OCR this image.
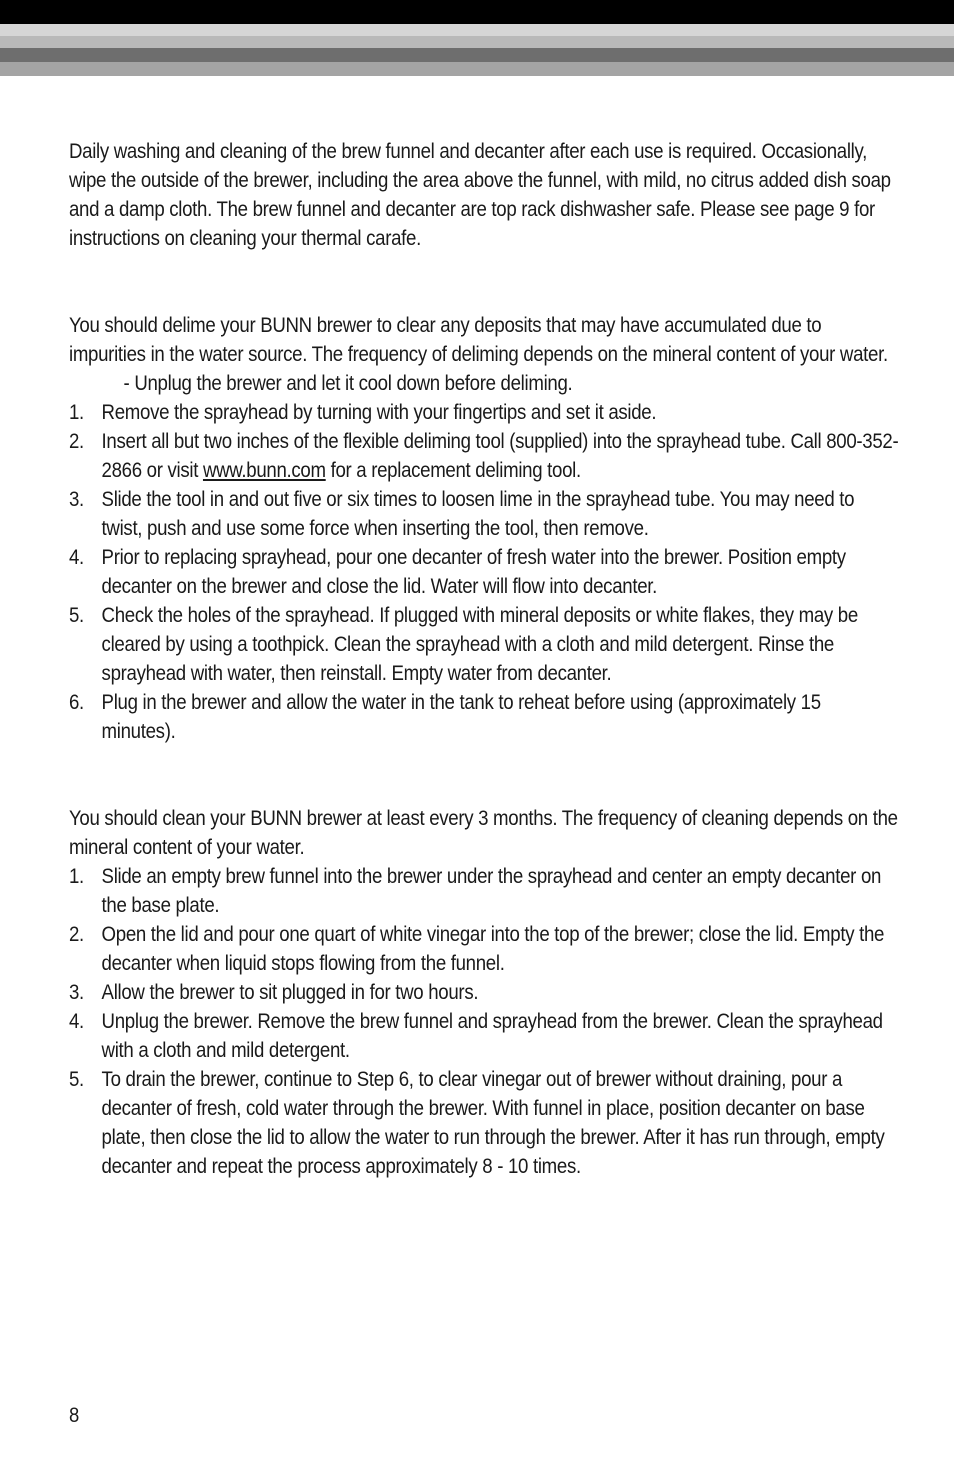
Daily washing and cleaning of the brew funnel and decanter after each use is required. Occasionally, wipe the outside of the brewer, including the area above the funnel, with mild, no citrus added dish soap and a damp cloth. The brew funnel and decanter are top rack dishwasher safe. Please see page 9 for instructions on cleaning your thermal carafe.

You should delime your BUNN brewer to clear any deposits that may have accumulated due to impurities in the water source. The frequency of deliming depends on the mineral content of your water.

- Unplug the brewer and let it cool down before deliming.

1. Remove the sprayhead by turning with your fingertips and set it aside.
2. Insert all but two inches of the flexible deliming tool (supplied) into the sprayhead tube. Call 800-352-2866 or visit www.bunn.com for a replacement deliming tool.
3. Slide the tool in and out five or six times to loosen lime in the sprayhead tube. You may need to twist, push and use some force when inserting the tool, then remove.
4. Prior to replacing sprayhead, pour one decanter of fresh water into the brewer. Position empty decanter on the brewer and close the lid. Water will flow into decanter.
5. Check the holes of the sprayhead. If plugged with mineral deposits or white flakes, they may be cleared by using a toothpick. Clean the sprayhead with a cloth and mild detergent. Rinse the sprayhead with water, then reinstall. Empty water from decanter.
6. Plug in the brewer and allow the water in the tank to reheat before using (approximately 15 minutes).

You should clean your BUNN brewer at least every 3 months. The frequency of cleaning depends on the mineral content of your water.

1. Slide an empty brew funnel into the brewer under the sprayhead and center an empty decanter on the base plate.
2. Open the lid and pour one quart of white vinegar into the top of the brewer; close the lid. Empty the decanter when liquid stops flowing from the funnel.
3. Allow the brewer to sit plugged in for two hours.
4. Unplug the brewer. Remove the brew funnel and sprayhead from the brewer. Clean the sprayhead with a cloth and mild detergent.
5. To drain the brewer, continue to Step 6, to clear vinegar out of brewer without draining, pour a decanter of fresh, cold water through the brewer. With funnel in place, position decanter on base plate, then close the lid to allow the water to run through the brewer. After it has run through, empty decanter and repeat the process approximately 8 - 10 times.
8
